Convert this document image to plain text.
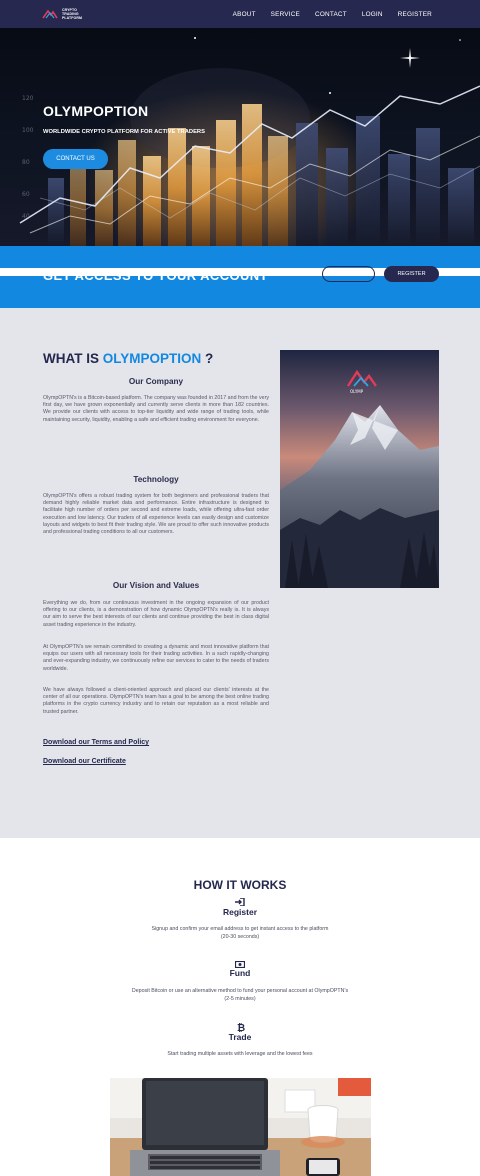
CRYPTO TRADING
PLATFORM
ABOUT SERVICE CONTACT LOGIN REGISTER
120
100
80
60
40
OLYMPOPTION
WORLDWIDE CRYPTO PLATFORM FOR ACTIVE TRADERS
CONTACT US
LOGIN	REGISTER
WHAT IS OLYMPOPTION ?
Our Company

OlympOPTN's is a Bitcoin-based platform. The company was founded in 2017 and from the very first day, we have grown exponentially and currently serve clients in more than 182 countries. We provide our clients with access to top-tier liquidity and wide range of trading tools, while maintaining security, liquidity, enabling a safe and efficient trading environment for everyone.

Technology

OlympOPTN's offers a robust trading system for both beginners and professional traders that demand highly reliable market data and performance. Entire infrastructure is designed to facilitate high number of orders per second and extreme loads, while offering ultra-fast order execution and low latency. Our traders of all experience levels can easily design and customize layouts and widgets to best fit their trading style. We are proud to offer such innovative products and professional trading conditions to all our customers.

Our Vision and Values

Everything we do, from our continuous investment in the ongoing expansion of our product offering to our clients, is a demonstration of how dynamic OlympOPTN's really is. It is always our aim to serve the best interests of our clients and continue providing the best in class digital asset trading experience in the industry.

At OlympOPTN's we remain committed to creating a dynamic and most innovative platform that equips our users with all necessary tools for their trading activities. In a such rapidly-changing and ever-expanding industry, we continuously refine our services to cater to the needs of traders worldwide.

We have always followed a client-oriented approach and placed our clients' interests at the center of all our operations. OlympOPTN's team has a goal to be among the best online trading platforms in the crypto currency industry and to retain our reputation as a most reliable and trusted partner.

Download our Terms and Policy
Download our Certificate
OLYMP
HOW IT WORKS
Register

Signup and confirm your email address to get instant access to the platform

(20-30 seconds)

Fund

Deposit Bitcoin or use an alternative method to fund your personal account at OlympOPTN's

(2-5 minutes)

₿
Trade

Start trading multiple assets with leverage and the lowest fees
